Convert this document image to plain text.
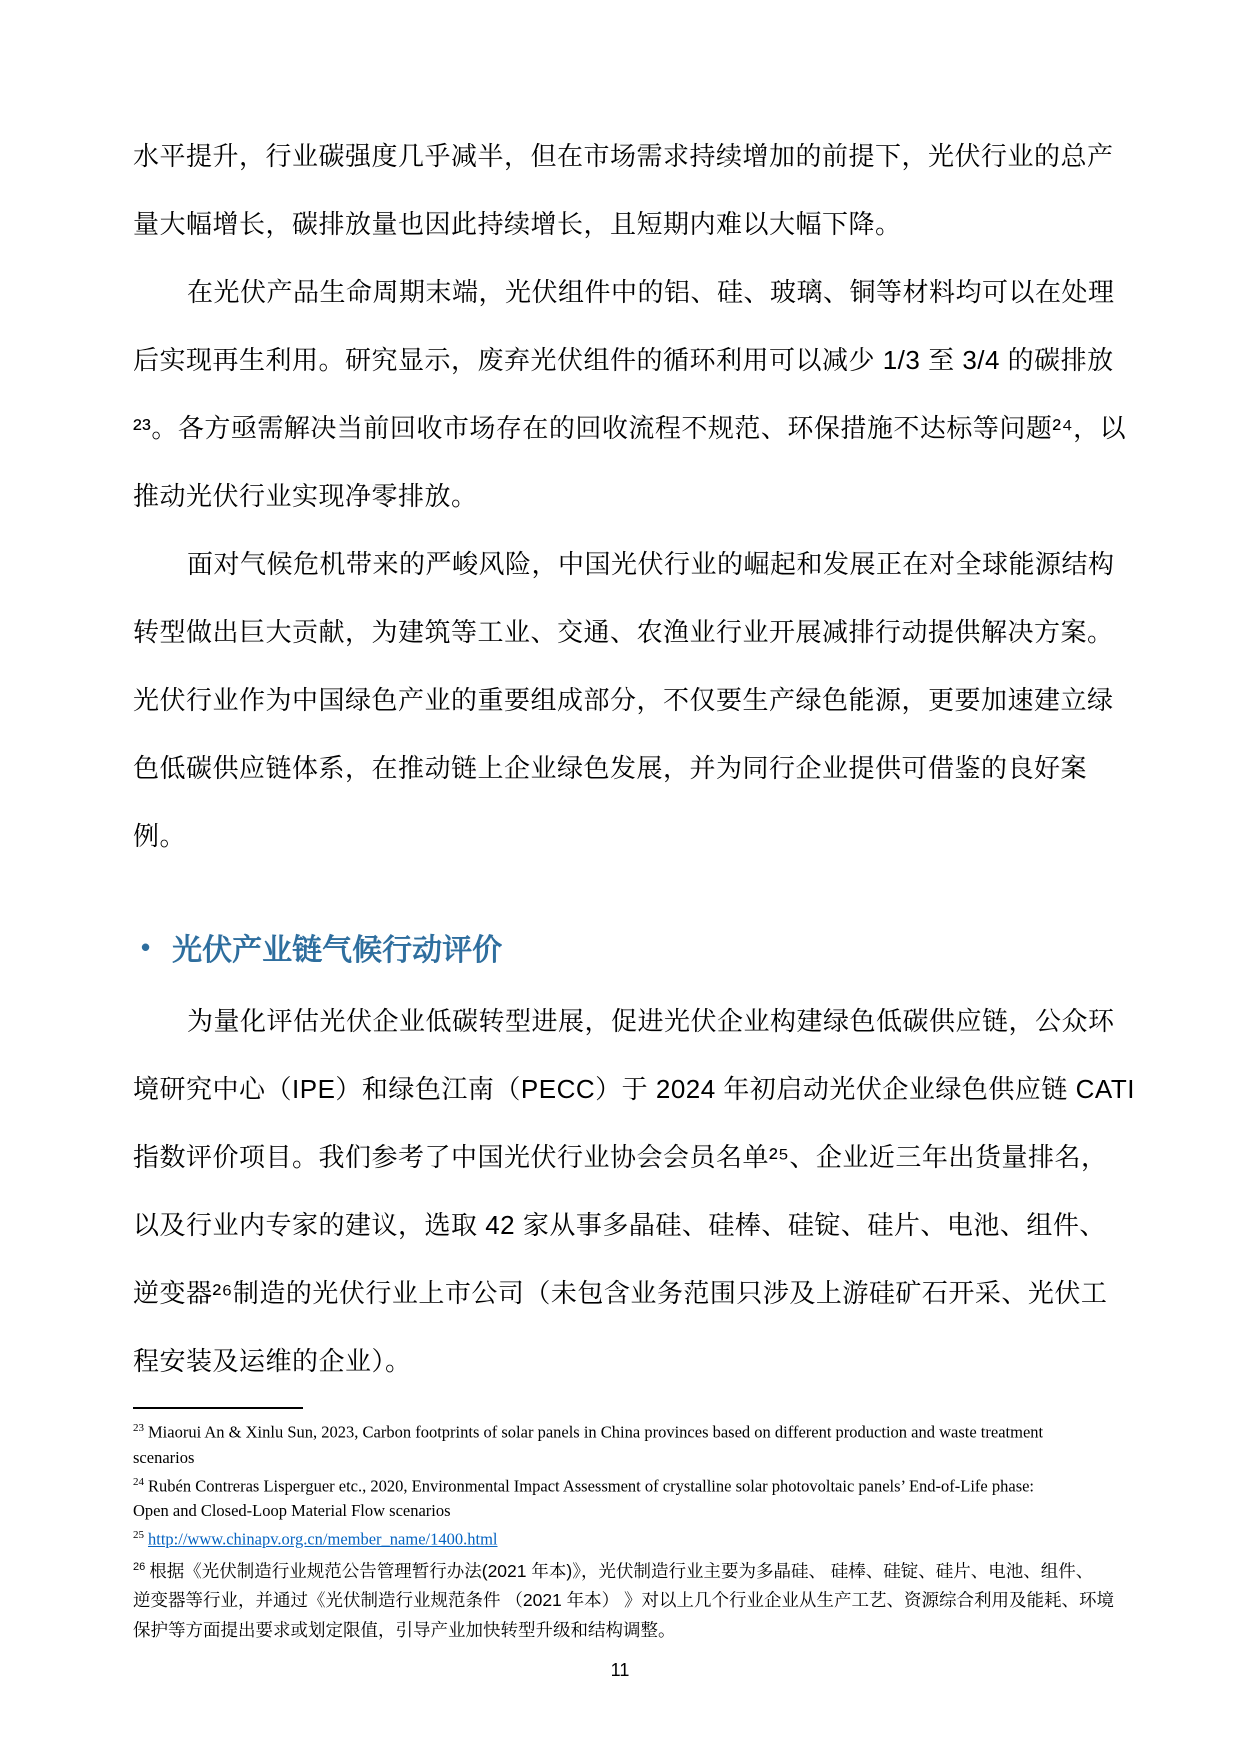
水平提升，行业碳强度几乎减半，但在市场需求持续增加的前提下，光伏行业的总产
量大幅增长，碳排放量也因此持续增长，且短期内难以大幅下降。
在光伏产品生命周期末端，光伏组件中的铝、硅、玻璃、铜等材料均可以在处理
后实现再生利用。研究显示，废弃光伏组件的循环利用可以减少 1/3 至 3/4 的碳排放
²³。各方亟需解决当前回收市场存在的回收流程不规范、环保措施不达标等问题²⁴，以
推动光伏行业实现净零排放。
面对气候危机带来的严峻风险，中国光伏行业的崛起和发展正在对全球能源结构
转型做出巨大贡献，为建筑等工业、交通、农渔业行业开展减排行动提供解决方案。
光伏行业作为中国绿色产业的重要组成部分，不仅要生产绿色能源，更要加速建立绿
色低碳供应链体系，在推动链上企业绿色发展，并为同行企业提供可借鉴的良好案
例。
• 光伏产业链气候行动评价
为量化评估光伏企业低碳转型进展，促进光伏企业构建绿色低碳供应链，公众环
境研究中心（IPE）和绿色江南（PECC）于 2024 年初启动光伏企业绿色供应链 CATI
指数评价项目。我们参考了中国光伏行业协会会员名单²⁵、企业近三年出货量排名，
以及行业内专家的建议，选取 42 家从事多晶硅、硅棒、硅锭、硅片、电池、组件、
逆变器²⁶制造的光伏行业上市公司（未包含业务范围只涉及上游硅矿石开采、光伏工
程安装及运维的企业）。
$^{23}$ Miaorui An & Xinlu Sun, 2023, Carbon footprints of solar panels in China provinces based on different production and waste treatment
scenarios
$^{24}$ Rubén Contreras Lisperguer etc., 2020, Environmental Impact Assessment of crystalline solar photovoltaic panels’ End-of-Life phase:
Open and Closed-Loop Material Flow scenarios
$^{25}$ http://www.chinapv.org.cn/member_name/1400.html
$^{26}$ 根据《光伏制造行业规范公告管理暂行办法(2021 年本)》，光伏制造行业主要为多晶硅、 硅棒、硅锭、硅片、电池、组件、
逆变器等行业，并通过《光伏制造行业规范条件 （2021 年本） 》对以上几个行业企业从生产工艺、资源综合利用及能耗、环境
保护等方面提出要求或划定限值，引导产业加快转型升级和结构调整。
11
